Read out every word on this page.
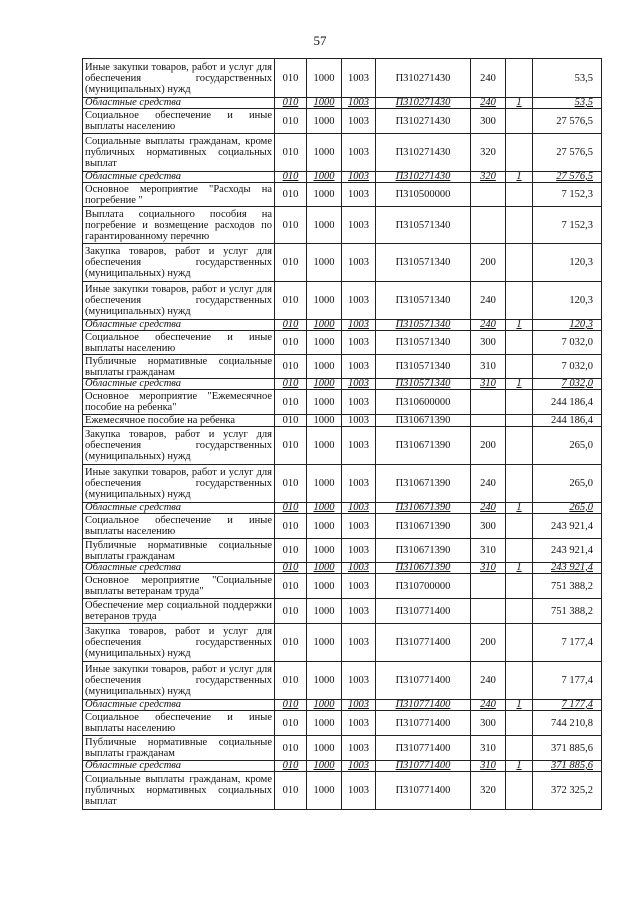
57
Иные закупки товаров, работ и услуг для обеспечения государственных (муниципальных) нужд	010	1000	1003	П310271430	240		53,5
Областные средства	010	1000	1003	П310271430	240	1	53,5
Социальное обеспечение и иные выплаты населению	010	1000	1003	П310271430	300		27 576,5
Социальные выплаты гражданам, кроме публичных нормативных социальных выплат	010	1000	1003	П310271430	320		27 576,5
Областные средства	010	1000	1003	П310271430	320	1	27 576,5
Основное мероприятие "Расходы на погребение "	010	1000	1003	П310500000			7 152,3
Выплата социального пособия на погребение и возмещение расходов по гарантированному перечню	010	1000	1003	П310571340			7 152,3
Закупка товаров, работ и услуг для обеспечения государственных (муниципальных) нужд	010	1000	1003	П310571340	200		120,3
Иные закупки товаров, работ и услуг для обеспечения государственных (муниципальных) нужд	010	1000	1003	П310571340	240		120,3
Областные средства	010	1000	1003	П310571340	240	1	120,3
Социальное обеспечение и иные выплаты населению	010	1000	1003	П310571340	300		7 032,0
Публичные нормативные социальные выплаты гражданам	010	1000	1003	П310571340	310		7 032,0
Областные средства	010	1000	1003	П310571340	310	1	7 032,0
Основное мероприятие "Ежемесячное пособие на ребенка"	010	1000	1003	П310600000			244 186,4
Ежемесячное пособие на ребенка	010	1000	1003	П310671390			244 186,4
Закупка товаров, работ и услуг для обеспечения государственных (муниципальных) нужд	010	1000	1003	П310671390	200		265,0
Иные закупки товаров, работ и услуг для обеспечения государственных (муниципальных) нужд	010	1000	1003	П310671390	240		265,0
Областные средства	010	1000	1003	П310671390	240	1	265,0
Социальное обеспечение и иные выплаты населению	010	1000	1003	П310671390	300		243 921,4
Публичные нормативные социальные выплаты гражданам	010	1000	1003	П310671390	310		243 921,4
Областные средства	010	1000	1003	П310671390	310	1	243 921,4
Основное мероприятие "Социальные выплаты ветеранам труда"	010	1000	1003	П310700000			751 388,2
Обеспечение мер социальной поддержки ветеранов труда	010	1000	1003	П310771400			751 388,2
Закупка товаров, работ и услуг для обеспечения государственных (муниципальных) нужд	010	1000	1003	П310771400	200		7 177,4
Иные закупки товаров, работ и услуг для обеспечения государственных (муниципальных) нужд	010	1000	1003	П310771400	240		7 177,4
Областные средства	010	1000	1003	П310771400	240	1	7 177,4
Социальное обеспечение и иные выплаты населению	010	1000	1003	П310771400	300		744 210,8
Публичные нормативные социальные выплаты гражданам	010	1000	1003	П310771400	310		371 885,6
Областные средства	010	1000	1003	П310771400	310	1	371 885,6
Социальные выплаты гражданам, кроме публичных нормативных социальных выплат	010	1000	1003	П310771400	320		372 325,2
